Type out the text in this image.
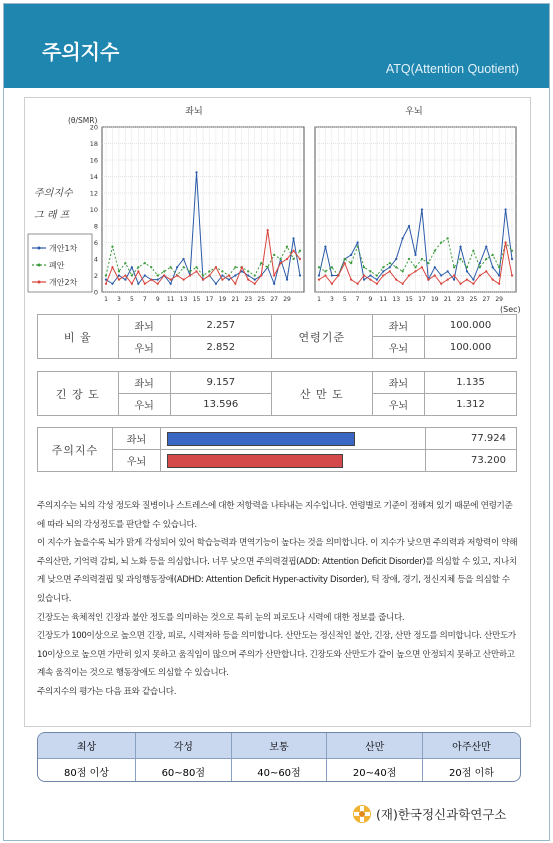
주의지수
ATQ(Attention Quotient)
(θ/SMR)
(Sec)
좌뇌	우뇌
주의지수
그 래 프
0
2
4
6
8
10
12
14
16
18
20
1 3 5 7 9 11 13 15 17 19 21 23 25 27 29	1 3 5 7 9 11 13 15 17 19 21 23 25 27 29
개안1차
폐안
개안2차
비 율	좌뇌	2.257	연령기준	좌뇌	100.000
	우뇌	2.852		우뇌	100.000
긴 장 도	좌뇌	9.157	산 만 도	좌뇌	1.135
	우뇌	13.596		우뇌	1.312
주의지수	좌뇌		77.924
	우뇌		73.200

주의지수는 뇌의 각성 정도와 질병이나 스트레스에 대한 저항력을 나타내는 지수입니다. 연령별로 기준이 정해져 있기 때문에 연령기준에 따라 뇌의 각성정도를 판단할 수 있습니다.

이 지수가 높을수록 뇌가 맑게 각성되어 있어 학습능력과 면역기능이 높다는 것을 의미합니다. 이 지수가 낮으면 주의력과 저항력이 약해 주의산만, 기억력 감퇴, 뇌 노화 등을 의심합니다. 너무 낮으면 주의력결핍(ADD: Attention Deficit Disorder)를 의심할 수 있고, 지나치게 낮으면 주의력결핍 및 과잉행동장애(ADHD: Attention Deficit Hyper-activity Disorder), 틱 장애, 경기, 정신지체 등을 의심할 수 있습니다.

긴장도는 육체적인 긴장과 불안 정도를 의미하는 것으로 특히 눈의 피로도나 시력에 대한 정보를 줍니다.

긴장도가 100이상으로 높으면 긴장, 피로, 시력저하 등을 의미합니다. 산만도는 정신적인 불안, 긴장, 산만 정도를 의미합니다. 산만도가 10이상으로 높으면 가만히 있지 못하고 움직임이 많으며 주의가 산만합니다. 긴장도와 산만도가 같이 높으면 안정되지 못하고 산만하고 계속 움직이는 것으로 행동장애도 의심할 수 있습니다.

주의지수의 평가는 다음 표와 같습니다.

최상	각성	보통	산만	아주산만
80점 이상	60~80점	40~60점	20~40점	20점 이하
(재)한국정신과학연구소
